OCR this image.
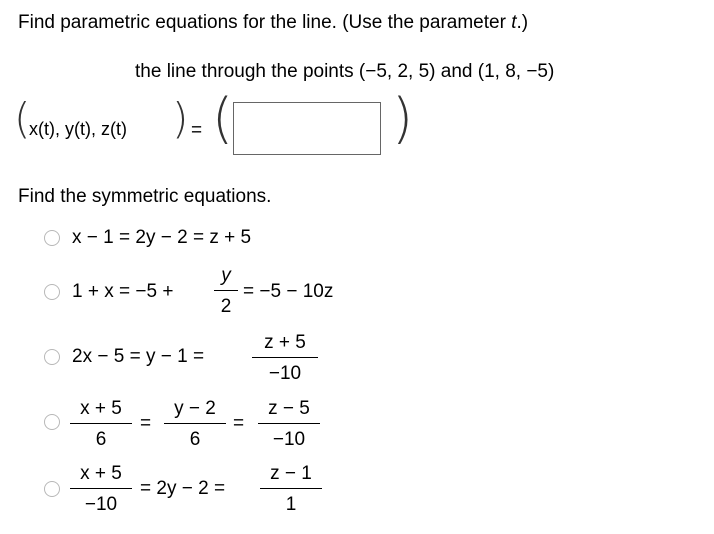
Find parametric equations for the line. (Use the parameter t.)
the line through the points (−5, 2, 5) and (1, 8, −5)
(
x(t), y(t), z(t) ) = (	)
Find the symmetric equations.
x − 1 = 2y − 2 = z + 5
1 + x = −5 +
y
2
= −5 − 10z
2x − 5 = y − 1 =
z + 5
−10
x + 5
6
=
y − 2
6
=
z − 5
−10
x + 5
−10
= 2y − 2 =
z − 1
1
